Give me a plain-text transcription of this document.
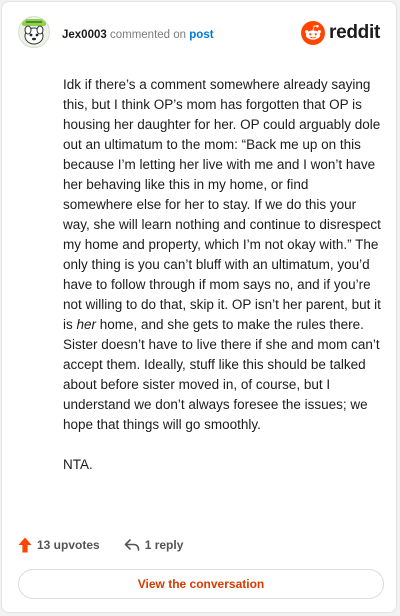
Jex0003 commented on post	reddit

Idk if there’s a comment somewhere already saying this, but I think OP’s mom has forgotten that OP is housing her daughter for her. OP could arguably dole out an ultimatum to the mom: “Back me up on this because I’m letting her live with me and I won’t have her behaving like this in my home, or find somewhere else for her to stay. If we do this your way, she will learn nothing and continue to disrespect my home and property, which I’m not okay with.” The only thing is you can’t bluff with an ultimatum, you’d have to follow through if mom says no, and if you’re not willing to do that, skip it. OP isn’t her parent, but it is her home, and she gets to make the rules there. Sister doesn’t have to live there if she and mom can’t accept them. Ideally, stuff like this should be talked about before sister moved in, of course, but I understand we don’t always foresee the issues; we hope that things will go smoothly.

NTA.

13 upvotes	1 reply
View the conversation
